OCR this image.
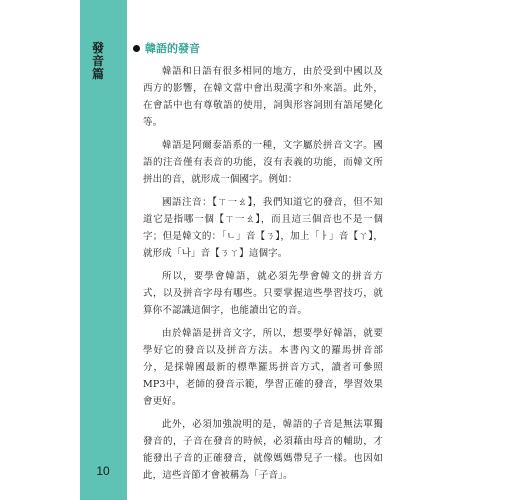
發音篇
10
韓語的發音

韓語和日語有很多相同的地方，由於受到中國以及西方的影響，在韓文當中會出現漢字和外來語。此外，在會話中也有尊敬語的使用，詞與形容詞則有語尾變化等。

韓語是阿爾泰語系的一種，文字屬於拼音文字。國語的注音僅有表音的功能，沒有表義的功能，而韓文所拼出的音，就形成一個國字。例如：

國語注音：【ㄒ一ㄠ】，我們知道它的發音，但不知道它是指哪一個【ㄒ一ㄠ】，而且這三個音也不是一個字；但是韓文的：「ㄴ」音【ㄋ】，加上「ㅏ」音【ㄚ】，就形成「나」音【ㄋㄚ】這個字。

所以，要學會韓語，就必須先學會韓文的拼音方式，以及拼音字母有哪些。只要掌握這些學習技巧，就算你不認識這個字，也能讀出它的音。

由於韓語是拼音文字，所以，想要學好韓語，就要學好它的發音以及拼音方法。本書內文的羅馬拼音部分，是採韓國最新的標準羅馬拼音方式，讀者可參照MP3中，老師的發音示範，學習正確的發音，學習效果會更好。

此外，必須加強說明的是，韓語的子音是無法單獨發音的，子音在發音的時候，必須藉由母音的輔助，才能發出子音的正確發音，就像媽媽帶兒子一樣。也因如此，這些音節才會被稱為「子音」。
